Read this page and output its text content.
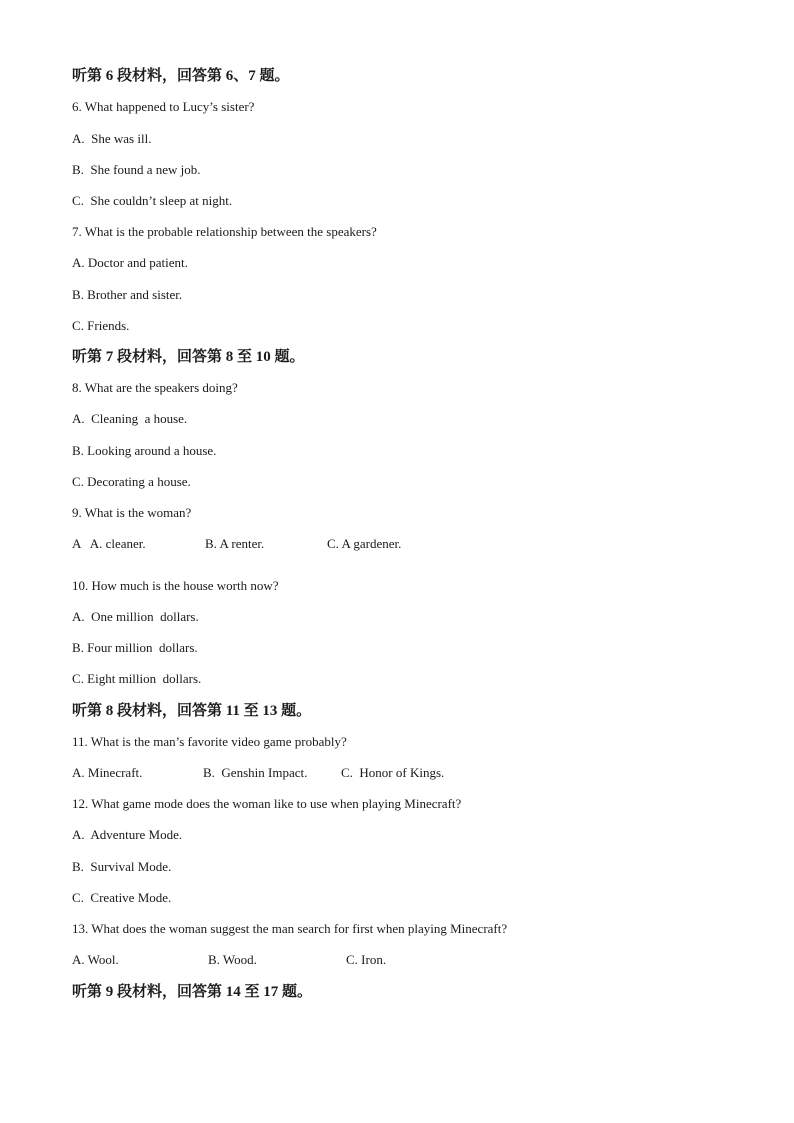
听第 6 段材料，回答第 6、7 题。
6. What happened to Lucy’s sister?
A.  She was ill.
B.  She found a new job.
C.  She couldn’t sleep at night.
7. What is the probable relationship between the speakers?
A. Doctor and patient.
B. Brother and sister.
C. Friends.
听第 7 段材料，回答第 8 至 10 题。
8. What are the speakers doing?
A.  Cleaning  a house.
B. Looking around a house.
C. Decorating a house.
9. What is the woman?
A   A. cleaner.	B. A renter.	C. A gardener.
10. How much is the house worth now?
A.  One million  dollars.
B. Four million  dollars.
C. Eight million  dollars.
听第 8 段材料，回答第 11 至 13 题。
11. What is the man’s favorite video game probably?
A. Minecraft.	B.  Genshin Impact.	C.  Honor of Kings.
12. What game mode does the woman like to use when playing Minecraft?
A.  Adventure Mode.
B.  Survival Mode.
C.  Creative Mode.
13. What does the woman suggest the man search for first when playing Minecraft?
A. Wool.	B. Wood.	C. Iron.
听第 9 段材料，回答第 14 至 17 题。
